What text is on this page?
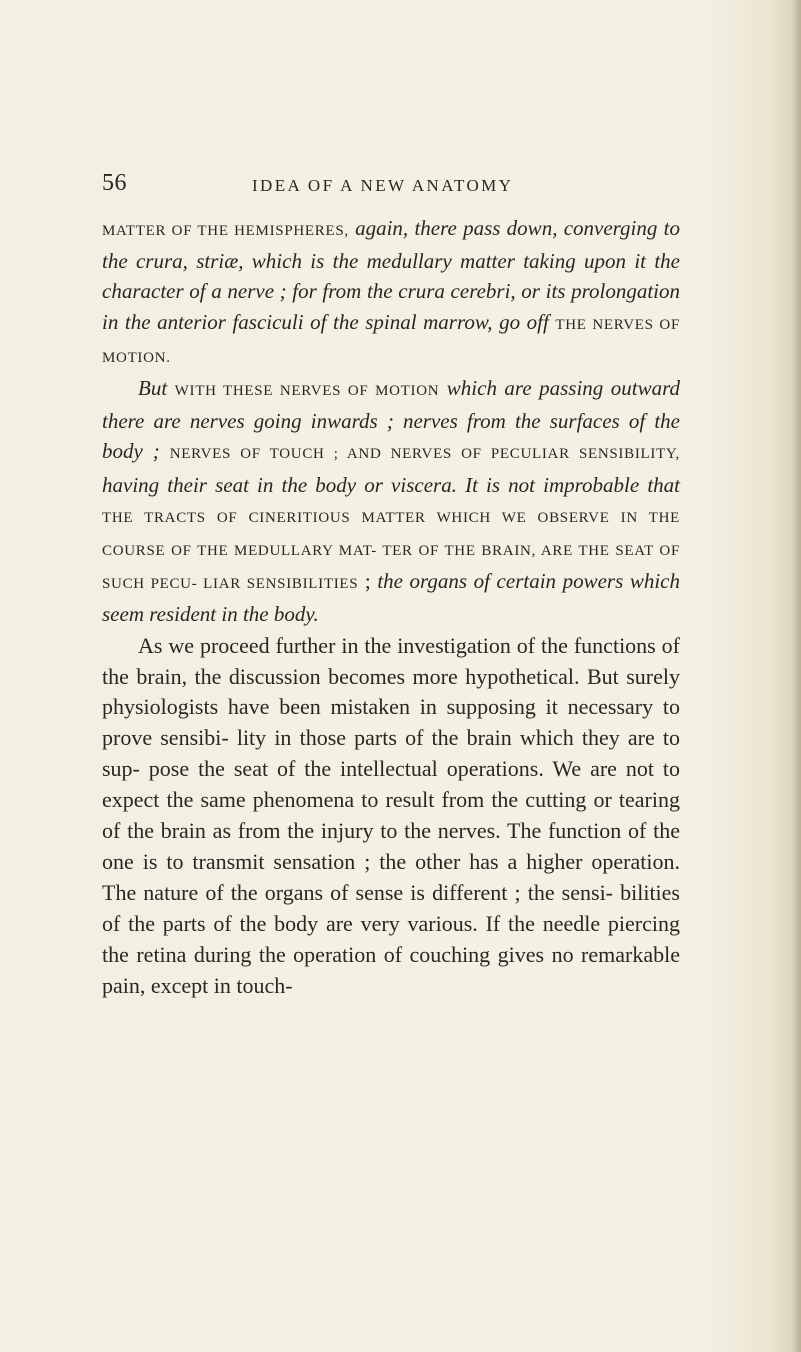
56	IDEA OF A NEW ANATOMY

MATTER OF THE HEMISPHERES, again, there pass down, converging to the crura, striæ, which is the medullary matter taking upon it the character of a nerve ; for from the crura cerebri, or its prolongation in the anterior fasciculi of the spinal marrow, go off THE NERVES OF MOTION.

But WITH THESE NERVES OF MOTION which are passing outward there are nerves going inwards ; nerves from the surfaces of the body ; NERVES OF TOUCH ; AND NERVES OF PECULIAR SENSIBILITY, having their seat in the body or viscera. It is not improbable that THE TRACTS OF CINERITIOUS MATTER WHICH WE OBSERVE IN THE COURSE OF THE MEDULLARY MAT- TER OF THE BRAIN, ARE THE SEAT OF SUCH PECU- LIAR SENSIBILITIES ; the organs of certain powers which seem resident in the body.

As we proceed further in the investigation of the functions of the brain, the discussion becomes more hypothetical. But surely physiologists have been mistaken in supposing it necessary to prove sensibi- lity in those parts of the brain which they are to sup- pose the seat of the intellectual operations. We are not to expect the same phenomena to result from the cutting or tearing of the brain as from the injury to the nerves. The function of the one is to transmit sensation ; the other has a higher operation. The nature of the organs of sense is different ; the sensi- bilities of the parts of the body are very various. If the needle piercing the retina during the operation of couching gives no remarkable pain, except in touch-
